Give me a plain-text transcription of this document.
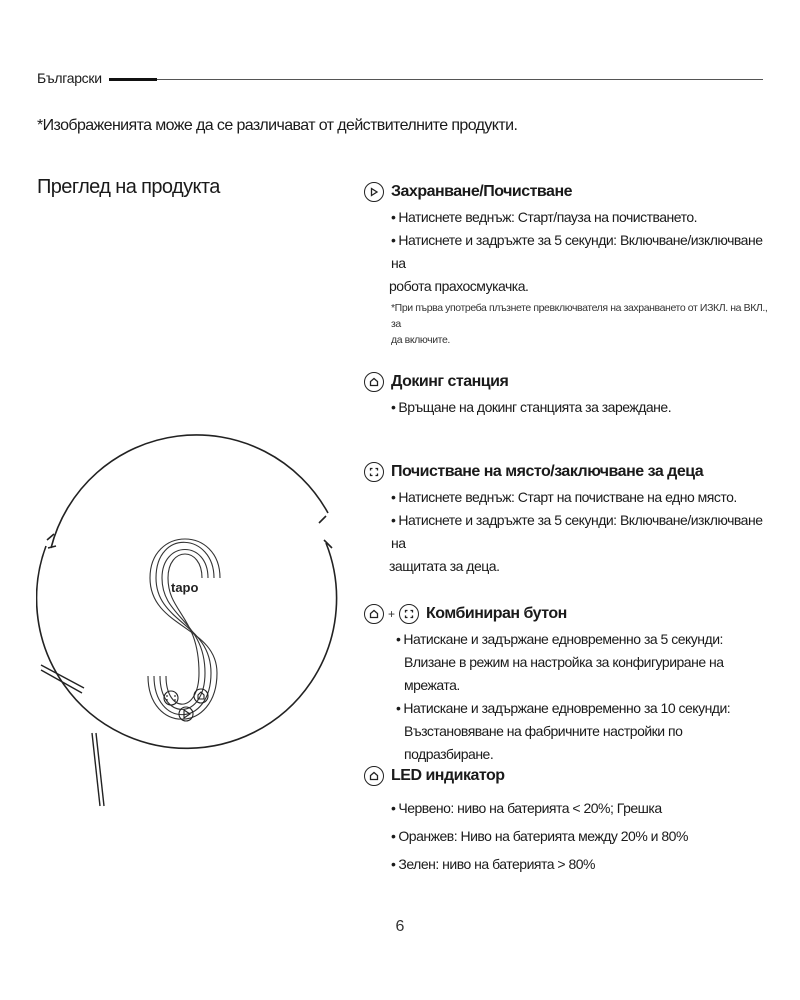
Български
*Изображенията може да се различават от действителните продукти.
Преглед на продукта
tapo
Захранване/Почистване
• Натиснете веднъж: Старт/пауза на почистването.
• Натиснете и задръжте за 5 секунди: Включване/изключване на
робота прахосмукачка.
*При първа употреба плъзнете превключвателя на захранването от ИЗКЛ. на ВКЛ., за
да включите.
Докинг станция
• Връщане на докинг станцията за зареждане.
Почистване на място/заключване за деца
• Натиснете веднъж: Старт на почистване на едно място.
• Натиснете и задръжте за 5 секунди: Включване/изключване на
защитата за деца.
+ Комбиниран бутон
• Натискане и задържане едновременно за 5 секунди:
Влизане в режим на настройка за конфигуриране на мрежата.
• Натискане и задържане едновременно за 10 секунди:
Възстановяване на фабричните настройки по подразбиране.
LED индикатор
• Червено: ниво на батерията < 20%; Грешка
• Оранжев: Ниво на батерията между 20% и 80%
• Зелен: ниво на батерията > 80%
6
